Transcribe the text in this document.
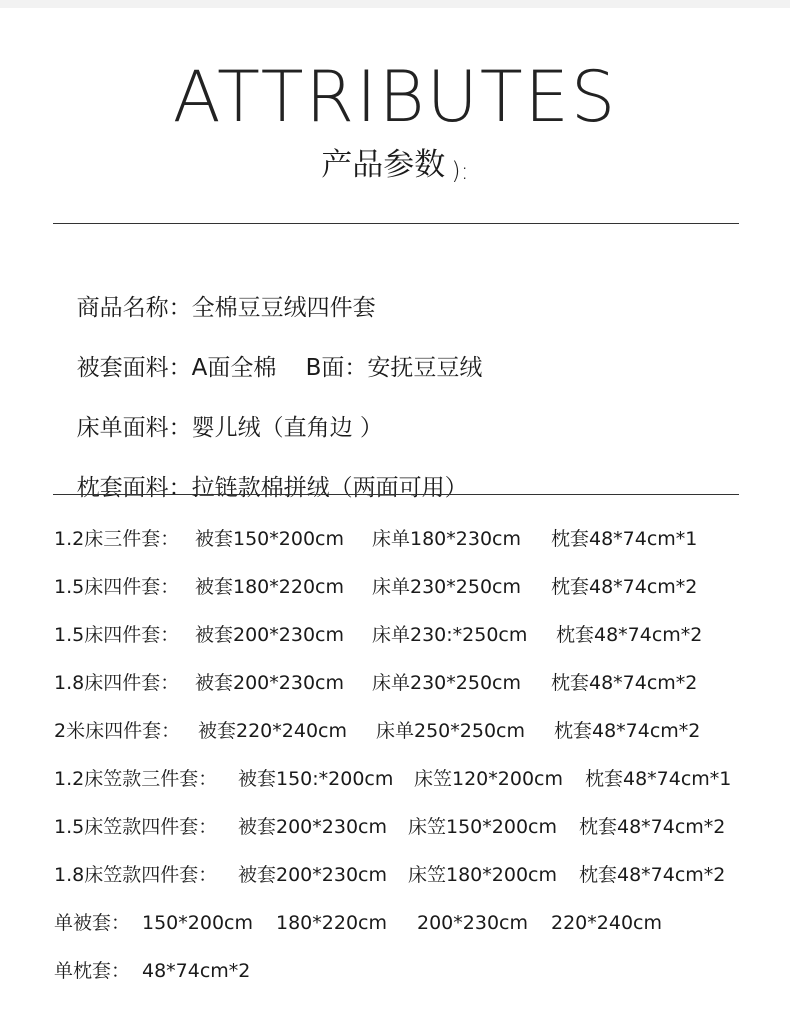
ATTRIBUTES
产品参数 ):

商品名称：全棉豆豆绒四件套

被套面料：A面全棉    B面：安抚豆豆绒

床单面料：婴儿绒（直角边 ）

枕套面料：拉链款棉拼绒（两面可用）

1.2床三件套： 被套150*200cm 床单180*230cm 枕套48*74cm*1
1.5床四件套： 被套180*220cm 床单230*250cm 枕套48*74cm*2
1.5床四件套： 被套200*230cm 床单230:*250cm 枕套48*74cm*2
1.8床四件套： 被套200*230cm 床单230*250cm 枕套48*74cm*2
2米床四件套： 被套220*240cm 床单250*250cm 枕套48*74cm*2
1.2床笠款三件套： 被套150:*200cm 床笠120*200cm 枕套48*74cm*1
1.5床笠款四件套： 被套200*230cm 床笠150*200cm 枕套48*74cm*2
1.8床笠款四件套： 被套200*230cm 床笠180*200cm 枕套48*74cm*2
单被套： 150*200cm 180*220cm 200*230cm 220*240cm
单枕套： 48*74cm*2
